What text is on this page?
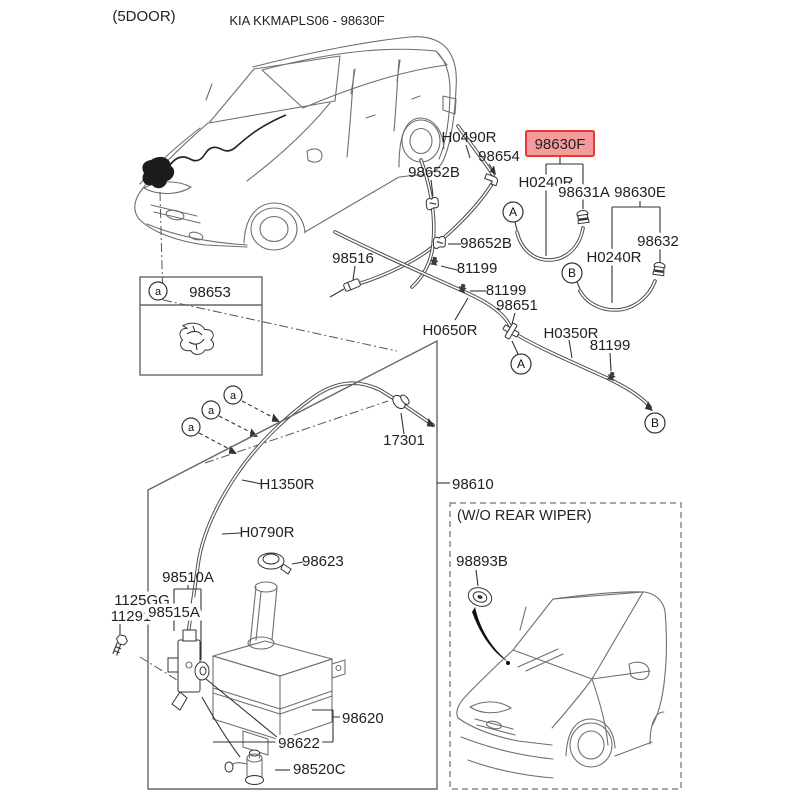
(5DOOR)	KIA KKMAPLS06 - 98630F
A
B
A
B
98630F
H0490R
98654
98652B
H0240R
98631A 98630E
98632
H0240R
98516
98652B
81199
81199
98651
H0650R	H0350R
81199
a 98653
17301
a
a
a
H1350R	98610
H0790R
98623
98510A
1125GG
11291
98515A
98620
98622
98520C
(W/O REAR WIPER)
98893B
